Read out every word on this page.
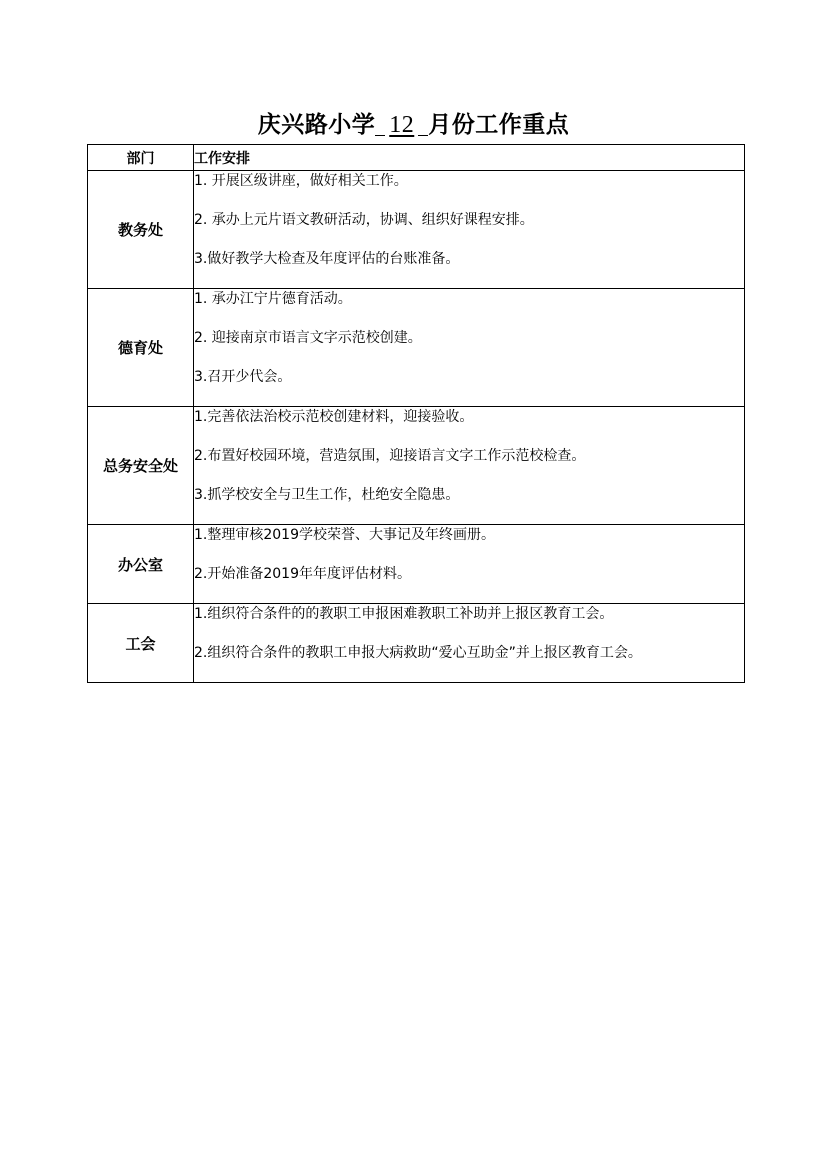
庆兴路小学 12 月份工作重点
部门	工作安排
教务处	1. 开展区级讲座，做好相关工作。
2. 承办上元片语文教研活动，协调、组织好课程安排。
3.做好教学大检查及年度评估的台账准备。

德育处	1. 承办江宁片德育活动。
2. 迎接南京市语言文字示范校创建。
3.召开少代会。

总务安全处	1.完善依法治校示范校创建材料，迎接验收。
2.布置好校园环境，营造氛围，迎接语言文字工作示范校检查。
3.抓学校安全与卫生工作，杜绝安全隐患。

办公室	1.整理审核2019学校荣誉、大事记及年终画册。
2.开始准备2019年年度评估材料。

工会	1.组织符合条件的的教职工申报困难教职工补助并上报区教育工会。
2.组织符合条件的教职工申报大病救助“爱心互助金”并上报区教育工会。
